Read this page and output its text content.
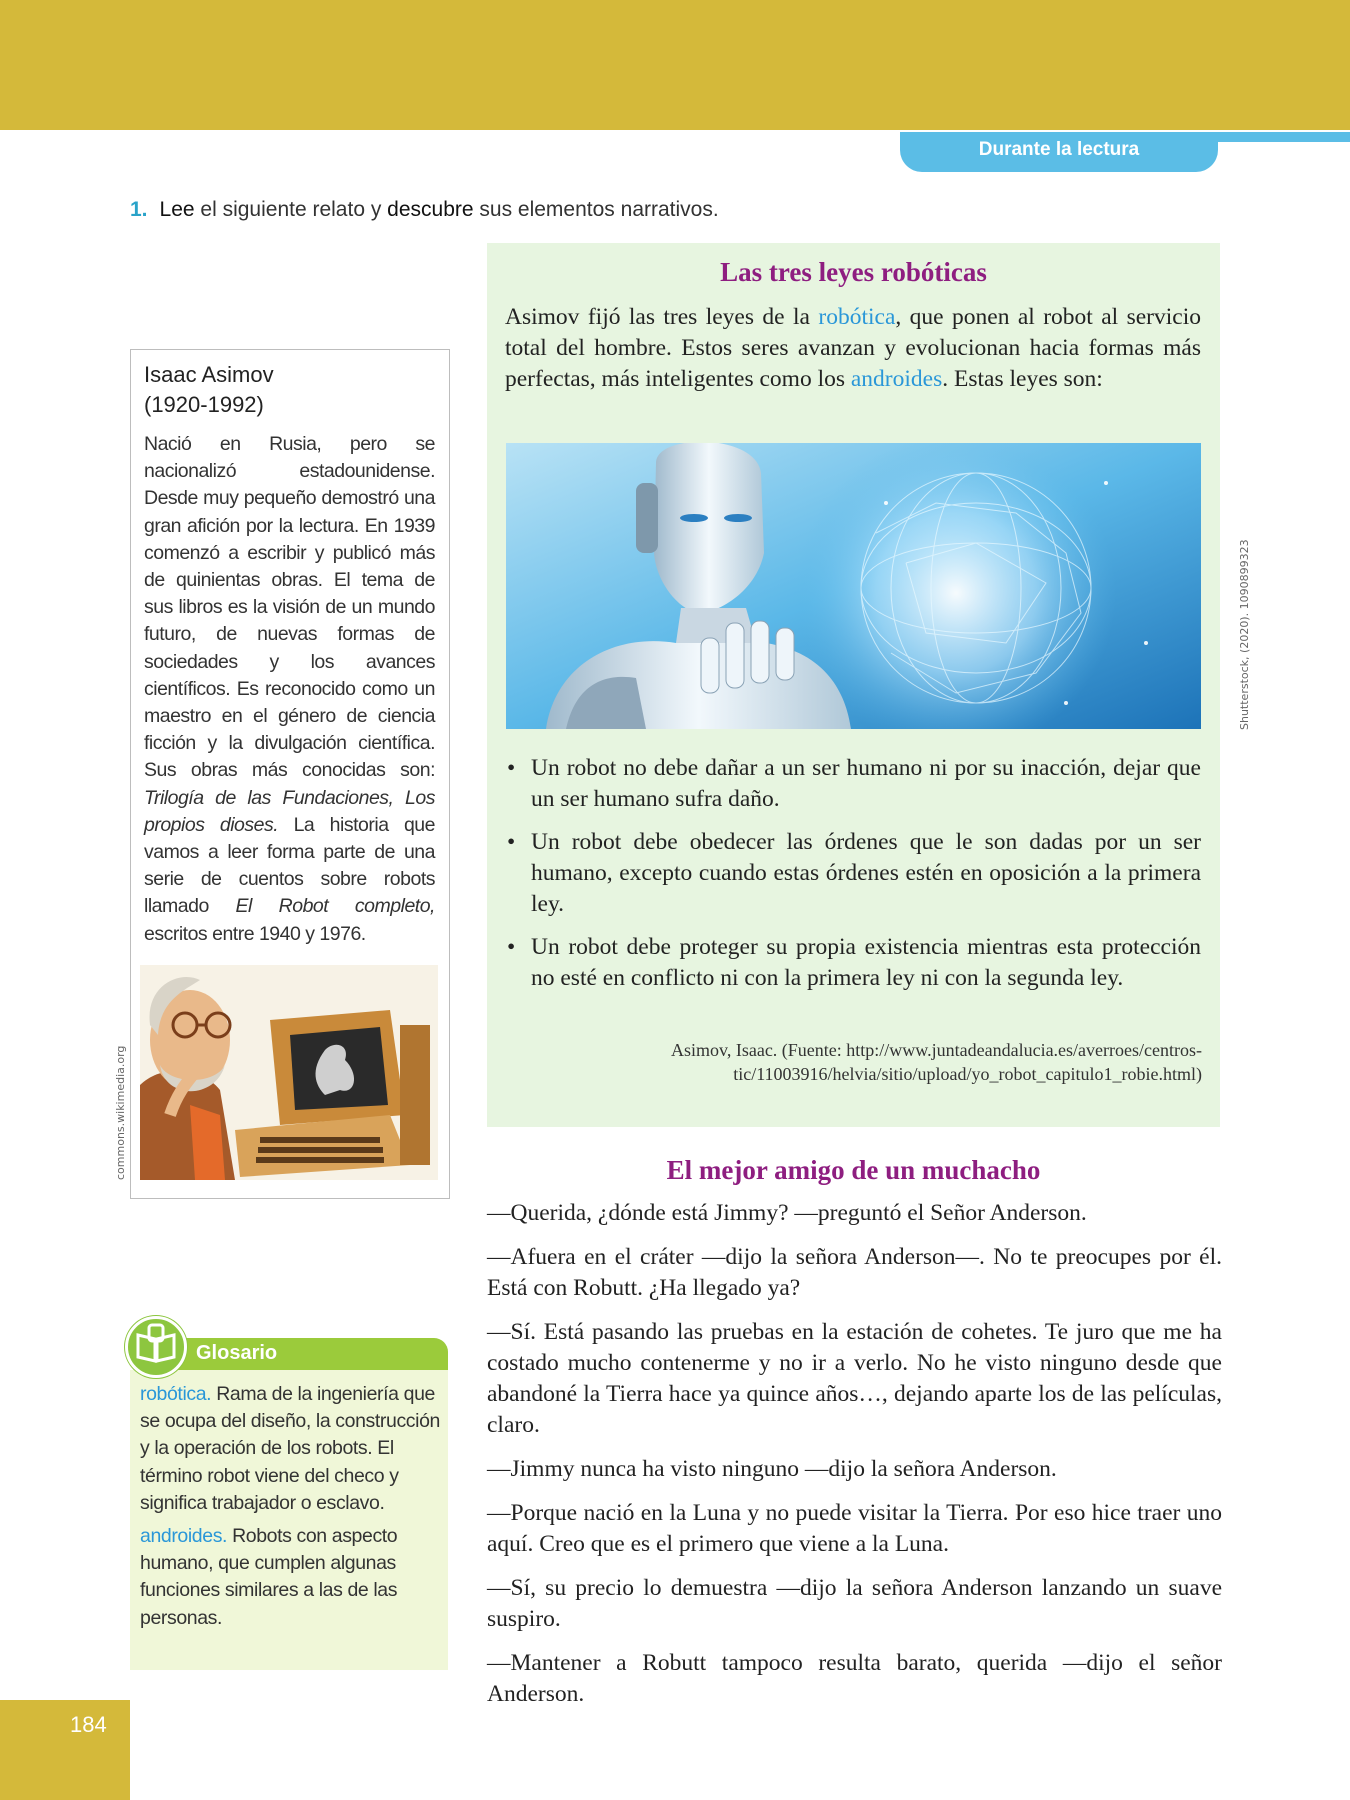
Durante la lectura
1. Lee el siguiente relato y descubre sus elementos narrativos.
Las tres leyes robóticas
Asimov fijó las tres leyes de la robótica, que ponen al robot al servicio total del hombre. Estos seres avanzan y evolucionan hacia formas más perfectas, más inteligentes como los androides. Estas leyes son:
Shutterstock, (2020). 1090899323
• Un robot no debe dañar a un ser humano ni por su inacción, dejar que un ser humano sufra daño.
• Un robot debe obedecer las órdenes que le son dadas por un ser humano, excepto cuando estas órdenes estén en oposición a la primera ley.
• Un robot debe proteger su propia existencia mientras esta protección no esté en conflicto ni con la primera ley ni con la segunda ley.
Asimov, Isaac. (Fuente: http://www.juntadeandalucia.es/averroes/centros-tic/11003916/helvia/sitio/upload/yo_robot_capitulo1_robie.html)
Isaac Asimov
(1920-1992)
Nació en Rusia, pero se nacionalizó estadounidense. Desde muy pequeño demostró una gran afición por la lectura. En 1939 comenzó a escribir y publicó más de quinientas obras. El tema de sus libros es la visión de un mundo futuro, de nuevas formas de sociedades y los avances científicos. Es reconocido como un maestro en el género de ciencia ficción y la divulgación científica. Sus obras más conocidas son: Trilogía de las Fundaciones, Los propios dioses. La historia que vamos a leer forma parte de una serie de cuentos sobre robots llamado El Robot completo, escritos entre 1940 y 1976.
commons.wikimedia.org
Glosario

robótica. Rama de la ingeniería que se ocupa del diseño, la construcción y la operación de los robots. El término robot viene del checo y significa trabajador o esclavo.

androides. Robots con aspecto humano, que cumplen algunas funciones similares a las de las personas.

El mejor amigo de un muchacho

—Querida, ¿dónde está Jimmy? —preguntó el Señor Anderson.

—Afuera en el cráter —dijo la señora Anderson—. No te preocupes por él. Está con Robutt. ¿Ha llegado ya?

—Sí. Está pasando las pruebas en la estación de cohetes. Te juro que me ha costado mucho contenerme y no ir a verlo. No he visto ninguno desde que abandoné la Tierra hace ya quince años…, dejando aparte los de las películas, claro.

—Jimmy nunca ha visto ninguno —dijo la señora Anderson.

—Porque nació en la Luna y no puede visitar la Tierra. Por eso hice traer uno aquí. Creo que es el primero que viene a la Luna.

—Sí, su precio lo demuestra —dijo la señora Anderson lanzando un suave suspiro.

—Mantener a Robutt tampoco resulta barato, querida —dijo el señor Anderson.

184
